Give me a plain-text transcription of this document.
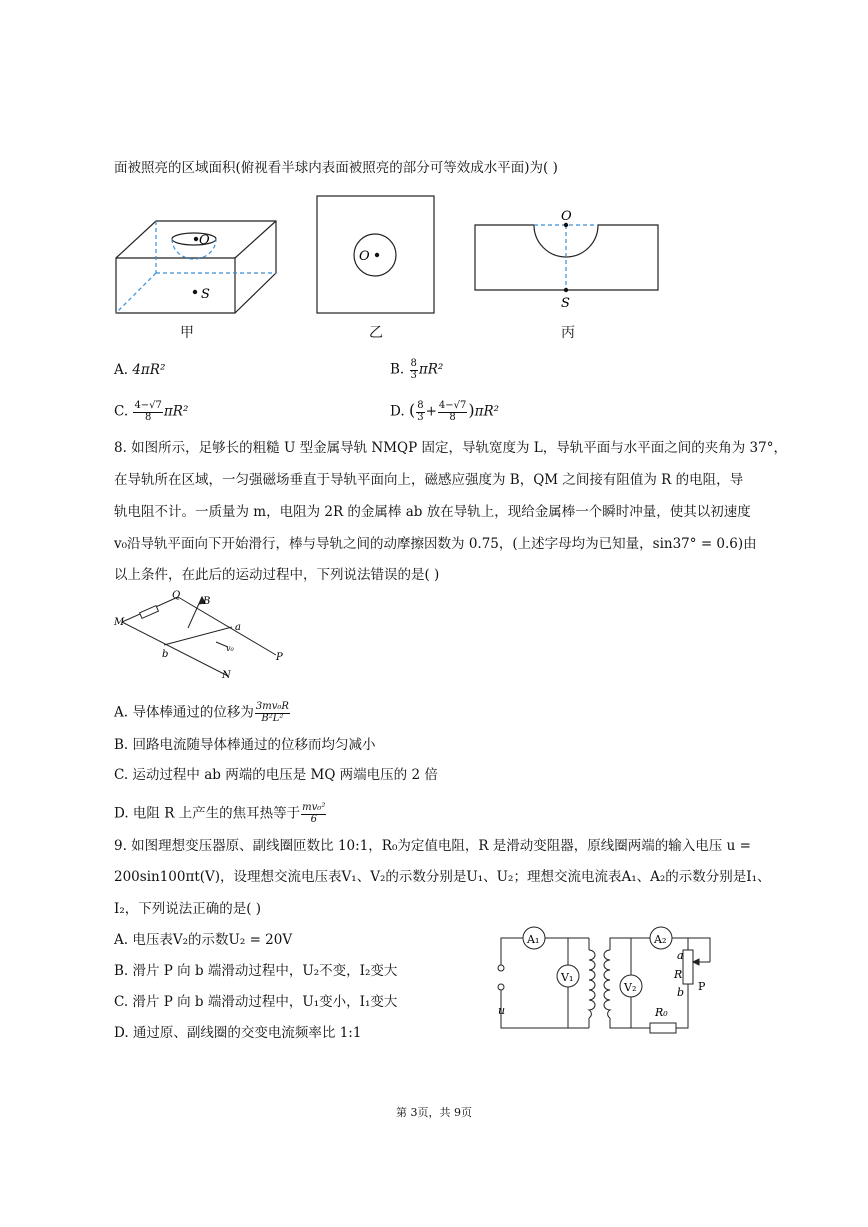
面被照亮的区域面积(俯视看半球内表面被照亮的部分可等效成水平面)为( )
O
S
O
O
S
甲	乙	丙
A. 4πR²	B. $\frac{8}{3} \pi R^2$
C. $\frac{4-√7}{8} \pi R^2$	D. ( $\frac{8}{3} + \frac{4-√7}{8} )\pi R^2$
8. 如图所示，足够长的粗糙 U 型金属导轨 NMQP 固定，导轨宽度为 L，导轨平面与水平面之间的夹角为 37°，
在导轨所在区域，一匀强磁场垂直于导轨平面向上，磁感应强度为 B，QM 之间接有阻值为 R 的电阻，导
轨电阻不计。一质量为 m，电阻为 2R 的金属棒 ab 放在导轨上，现给金属棒一个瞬时冲量，使其以初速度
v₀沿导轨平面向下开始滑行，棒与导轨之间的动摩擦因数为 0.75，(上述字母均为已知量，sin37° = 0.6)由
以上条件，在此后的运动过程中，下列说法错误的是( )
M
Q
B
a
P
b
v₀
N
A. 导体棒通过的位移为 $\frac{\text{3mv₀R}}{\text{B²L²}}$
B. 回路电流随导体棒通过的位移而均匀减小
C. 运动过程中 ab 两端的电压是 MQ 两端电压的 2 倍
D. 电阻 R 上产生的焦耳热等于 $\frac{\text{mv₀²}}{6}$
9. 如图理想变压器原、副线圈匝数比 10:1，R₀为定值电阻，R 是滑动变阻器，原线圈两端的输入电压 u =
200sin100πt(V)，设理想交流电压表V₁、V₂的示数分别是U₁、U₂；理想交流电流表A₁、A₂的示数分别是I₁、
I₂，下列说法正确的是( )
A. 电压表V₂的示数U₂ = 20V
B. 滑片 P 向 b 端滑动过程中，U₂不变，I₂变大
C. 滑片 P 向 b 端滑动过程中，U₁变小，I₁变大
D. 通过原、副线圈的交变电流频率比 1:1
A₁
V₁
V₂
A₂
u
a
R
b P
R₀
第 3页，共 9页
